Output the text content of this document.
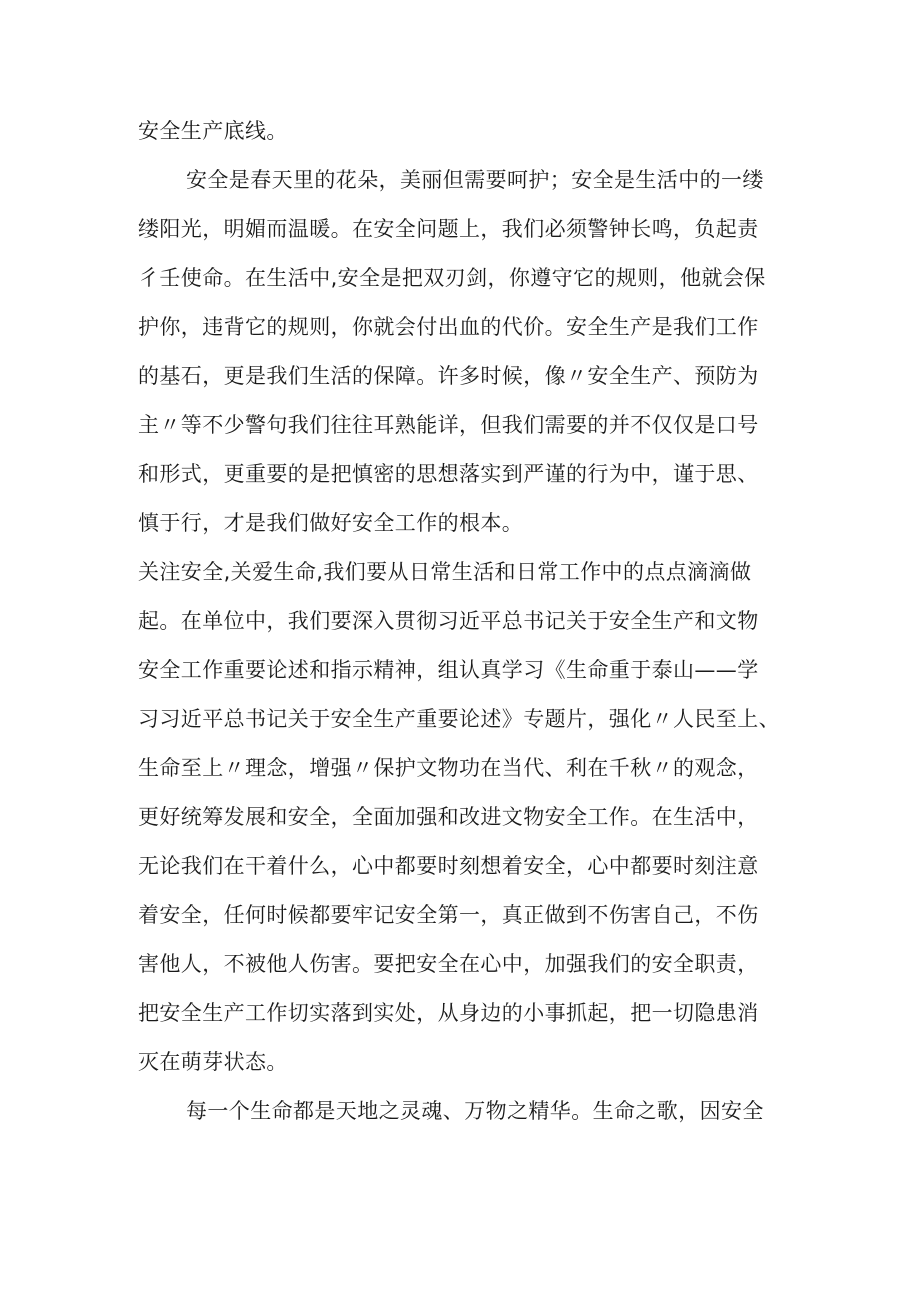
安全生产底线。
安全是春天里的花朵，美丽但需要呵护；安全是生活中的一缕
缕阳光，明媚而温暖。在安全问题上，我们必须警钟长鸣，负起责
彳壬使命。在生活中,安全是把双刃剑，你遵守它的规则，他就会保
护你，违背它的规则，你就会付出血的代价。安全生产是我们工作
的基石，更是我们生活的保障。许多时候，像〃安全生产、预防为
主〃等不少警句我们往往耳熟能详，但我们需要的并不仅仅是口号
和形式，更重要的是把慎密的思想落实到严谨的行为中，谨于思、
慎于行，才是我们做好安全工作的根本。
关注安全,关爱生命,我们要从日常生活和日常工作中的点点滴滴做
起。在单位中，我们要深入贯彻习近平总书记关于安全生产和文物
安全工作重要论述和指示精神，组认真学习《生命重于泰山——学
习习近平总书记关于安全生产重要论述》专题片，强化〃人民至上、
生命至上〃理念，增强〃保护文物功在当代、利在千秋〃的观念，
更好统筹发展和安全，全面加强和改进文物安全工作。在生活中，
无论我们在干着什么，心中都要时刻想着安全，心中都要时刻注意
着安全，任何时候都要牢记安全第一，真正做到不伤害自己，不伤
害他人，不被他人伤害。要把安全在心中，加强我们的安全职责，
把安全生产工作切实落到实处，从身边的小事抓起，把一切隐患消
灭在萌芽状态。
每一个生命都是天地之灵魂、万物之精华。生命之歌，因安全
